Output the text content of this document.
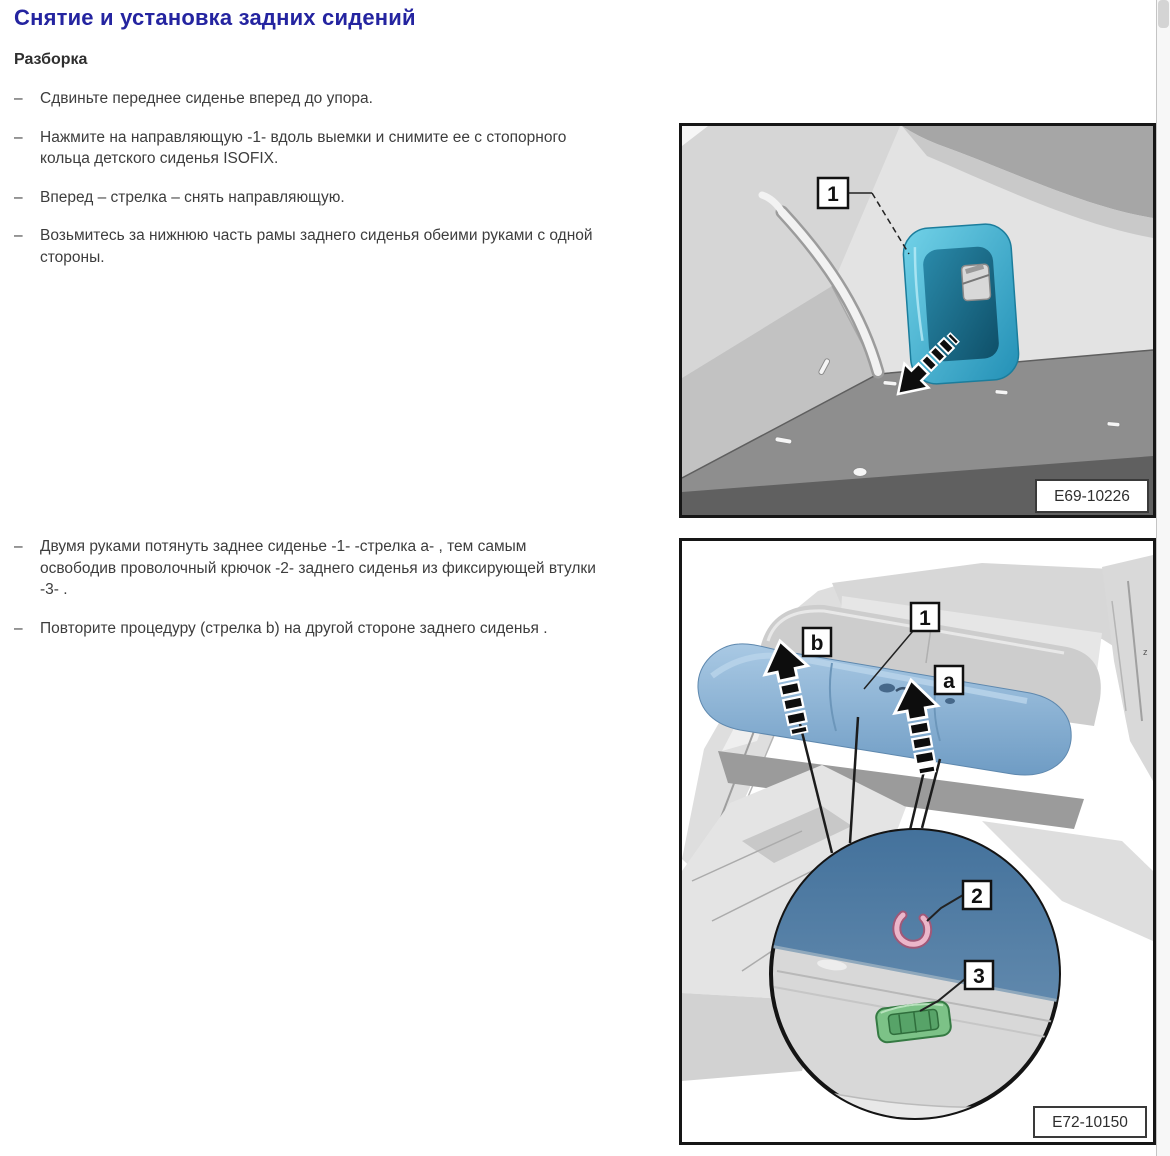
Снятие и установка задних сидений
Разборка
–	Сдвиньте переднее сиденье вперед до упора.
–	Нажмите на направляющую -1- вдоль выемки и снимите ее с стопорного кольца детского сиденья ISOFIX.
–	Вперед – стрелка – снять направляющую.
–	Возьмитесь за нижнюю часть рамы заднего сиденья обеими руками с одной стороны.
–	Двумя руками потянуть заднее сиденье -1- -стрелка a- , тем самым освободив проволочный крючок -2- заднего сиденья из фиксирующей втулки -3- .
–	Повторите процедуру (стрелка b) на другой стороне заднего сиденья .
1
E69-10226
b
1
a
z
2
3
E72-10150
